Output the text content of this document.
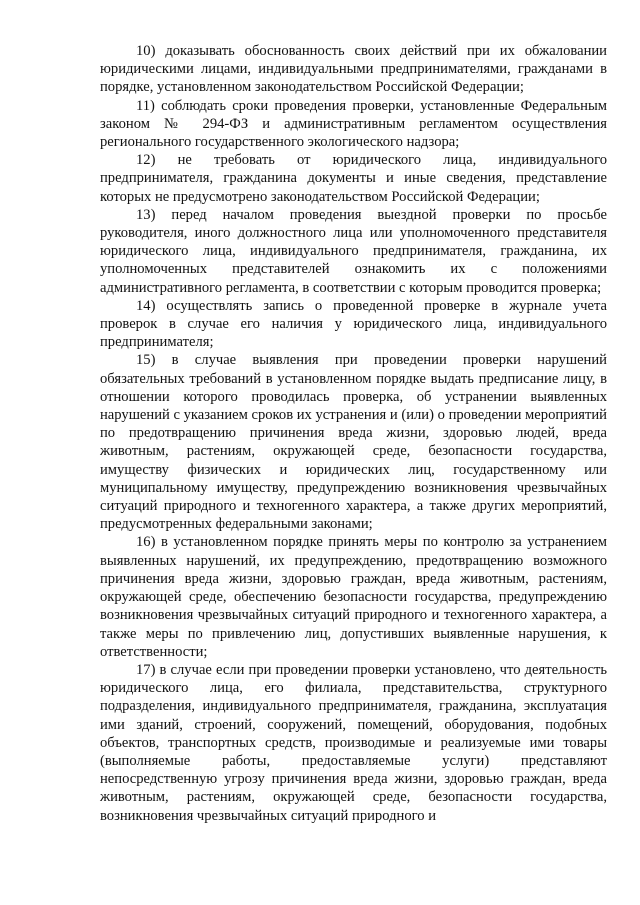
10) доказывать обоснованность своих действий при их обжаловании юридическими лицами, индивидуальными предпринимателями, гражданами в порядке, установленном законодательством Российской Федерации;

11) соблюдать сроки проведения проверки, установленные Федеральным законом № 294-ФЗ и административным регламентом осуществления регионального государственного экологического надзора;

12) не требовать от юридического лица, индивидуального предпринимателя, гражданина документы и иные сведения, представление которых не предусмотрено законодательством Российской Федерации;

13) перед началом проведения выездной проверки по просьбе руководителя, иного должностного лица или уполномоченного представителя юридического лица, индивидуального предпринимателя, гражданина, их уполномоченных представителей ознакомить их с положениями административного регламента, в соответствии с которым проводится проверка;

14) осуществлять запись о проведенной проверке в журнале учета проверок в случае его наличия у юридического лица, индивидуального предпринимателя;

15) в случае выявления при проведении проверки нарушений обязательных требований в установленном порядке выдать предписание лицу, в отношении которого проводилась проверка, об устранении выявленных нарушений с указанием сроков их устранения и (или) о проведении мероприятий по предотвращению причинения вреда жизни, здоровью людей, вреда животным, растениям, окружающей среде, безопасности государства, имуществу физических и юридических лиц, государственному или муниципальному имуществу, предупреждению возникновения чрезвычайных ситуаций природного и техногенного характера, а также других мероприятий, предусмотренных федеральными законами;

16) в установленном порядке принять меры по контролю за устранением выявленных нарушений, их предупреждению, предотвращению возможного причинения вреда жизни, здоровью граждан, вреда животным, растениям, окружающей среде, обеспечению безопасности государства, предупреждению возникновения чрезвычайных ситуаций природного и техногенного характера, а также меры по привлечению лиц, допустивших выявленные нарушения, к ответственности;

17) в случае если при проведении проверки установлено, что деятельность юридического лица, его филиала, представительства, структурного подразделения, индивидуального предпринимателя, гражданина, эксплуатация ими зданий, строений, сооружений, помещений, оборудования, подобных объектов, транспортных средств, производимые и реализуемые ими товары (выполняемые работы, предоставляемые услуги) представляют непосредственную угрозу причинения вреда жизни, здоровью граждан, вреда животным, растениям, окружающей среде, безопасности государства, возникновения чрезвычайных ситуаций природного и
